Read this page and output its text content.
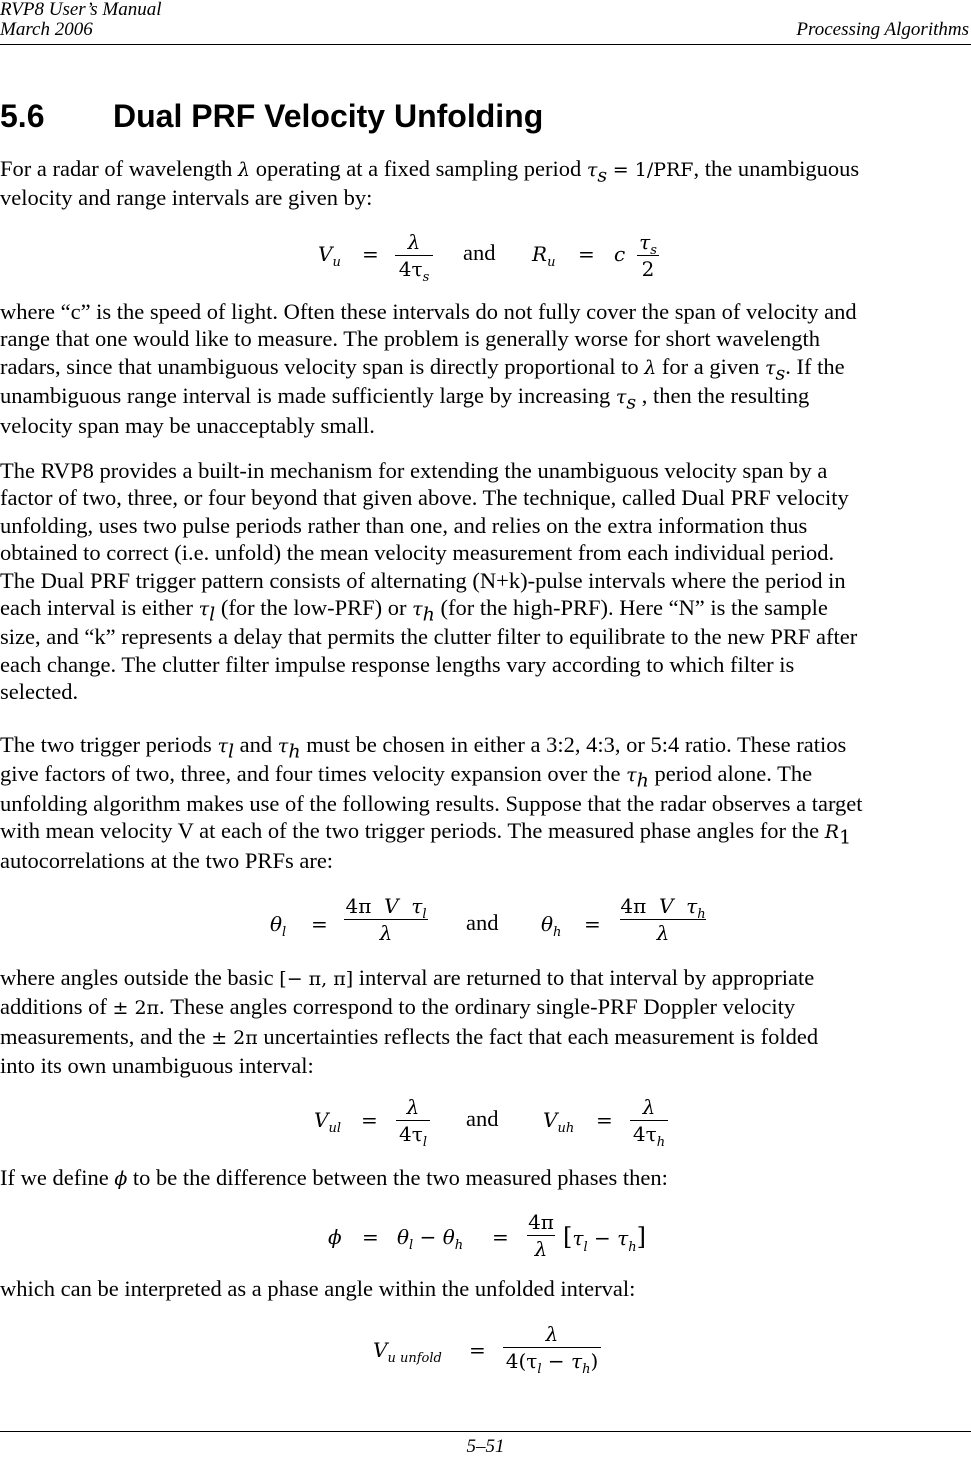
RVP8 User’s Manual
March 2006	Processing Algorithms
5.6 Dual PRF Velocity Unfolding
For a radar of wavelength λ operating at a fixed sampling period $\tau_s = 1/PRF$, the unambiguous
velocity and range intervals are given by:
$V_u$ =	λ
$4\tau_s$
and $R_u = c$ $\tau_s$
2
where “c” is the speed of light. Often these intervals do not fully cover the span of velocity and
range that one would like to measure. The problem is generally worse for short wavelength
radars, since that unambiguous velocity span is directly proportional to λ for a given $\tau_s$. If the
unambiguous range interval is made sufficiently large by increasing $\tau_s$ , then the resulting
velocity span may be unacceptably small.
The RVP8 provides a built-in mechanism for extending the unambiguous velocity span by a
factor of two, three, or four beyond that given above. The technique, called Dual PRF velocity
unfolding, uses two pulse periods rather than one, and relies on the extra information thus
obtained to correct (i.e. unfold) the mean velocity measurement from each individual period.
The Dual PRF trigger pattern consists of alternating (N+k)-pulse intervals where the period in
each interval is either $\tau_l$ (for the low-PRF) or $\tau_h$ (for the high-PRF). Here “N” is the sample
size, and “k” represents a delay that permits the clutter filter to equilibrate to the new PRF after
each change. The clutter filter impulse response lengths vary according to which filter is
selected.
The two trigger periods $\tau_l$ and $\tau_h$ must be chosen in either a 3:2, 4:3, or 5:4 ratio. These ratios
give factors of two, three, and four times velocity expansion over the $\tau_h$ period alone. The
unfolding algorithm makes use of the following results. Suppose that the radar observes a target
with mean velocity V at each of the two trigger periods. The measured phase angles for the $R_1$
autocorrelations at the two PRFs are:
$\theta_l$ =
4π V $\tau_l$
λ	and $\theta_h$ =
4π V $\tau_h$
λ
where angles outside the basic [− π, π] interval are returned to that interval by appropriate
additions of ± 2π. These angles correspond to the ordinary single-PRF Doppler velocity
measurements, and the ± 2π uncertainties reflects the fact that each measurement is folded
into its own unambiguous interval:
$V_{ul}$ =
λ
$4\tau_l$
and $V_{uh}$ =
λ
$4\tau_h$
If we define ϕ to be the difference between the two measured phases then:
$\phi = \theta_l - \theta_h$ =
4π
λ $[\tau_l - \tau_h]$
which can be interpreted as a phase angle within the unfolded interval:
$V_{u unfold}$ =
λ
$4(\tau_l - \tau_h)$
5–51
